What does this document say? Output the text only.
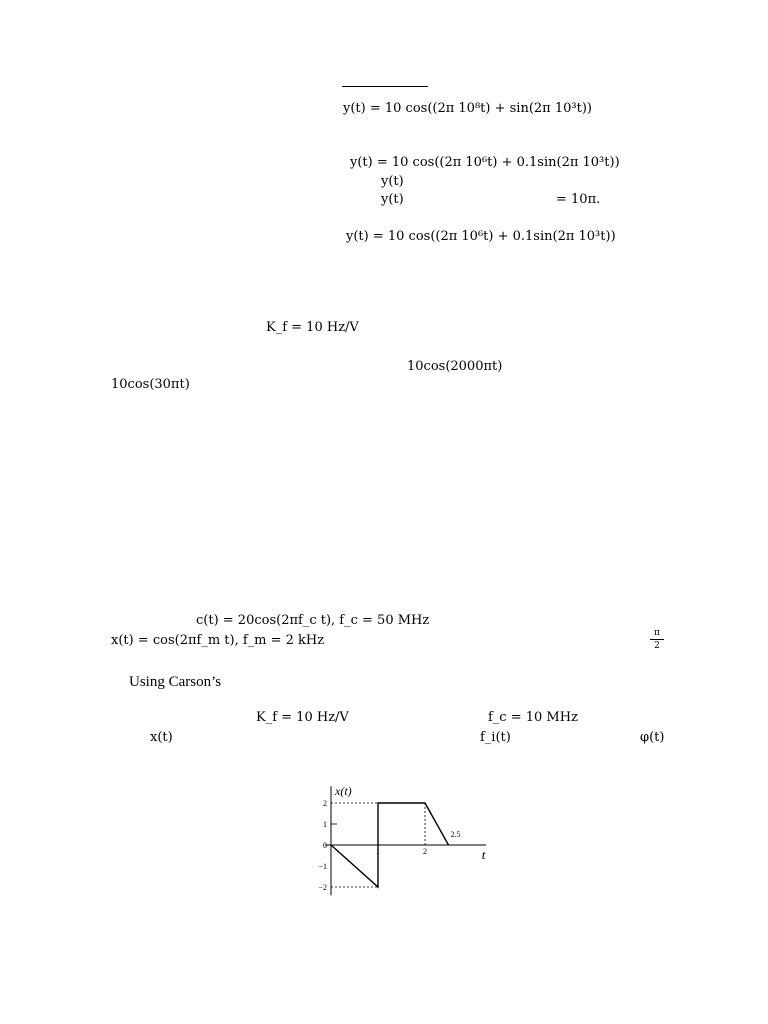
y(t) = 10 cos((2π 10⁸t) + sin(2π 10³t))
y(t) = 10 cos((2π 10⁶t) + 0.1sin(2π 10³t))
y(t)
y(t)	= 10π.
y(t) = 10 cos((2π 10⁶t) + 0.1sin(2π 10³t))
K_f = 10 Hz/V
10cos(2000πt)
10cos(30πt)
c(t) = 20cos(2πf_c t), f_c = 50 MHz
x(t) = cos(2πf_m t), f_m = 2 kHz	$\frac{\pi}{2}$
Using Carson’s
K_f = 10 Hz/V	f_c = 10 MHz
x(t)	f_i(t)	φ(t)
2
1
0
−1
−2
1	2
2.5
x(t)
t
